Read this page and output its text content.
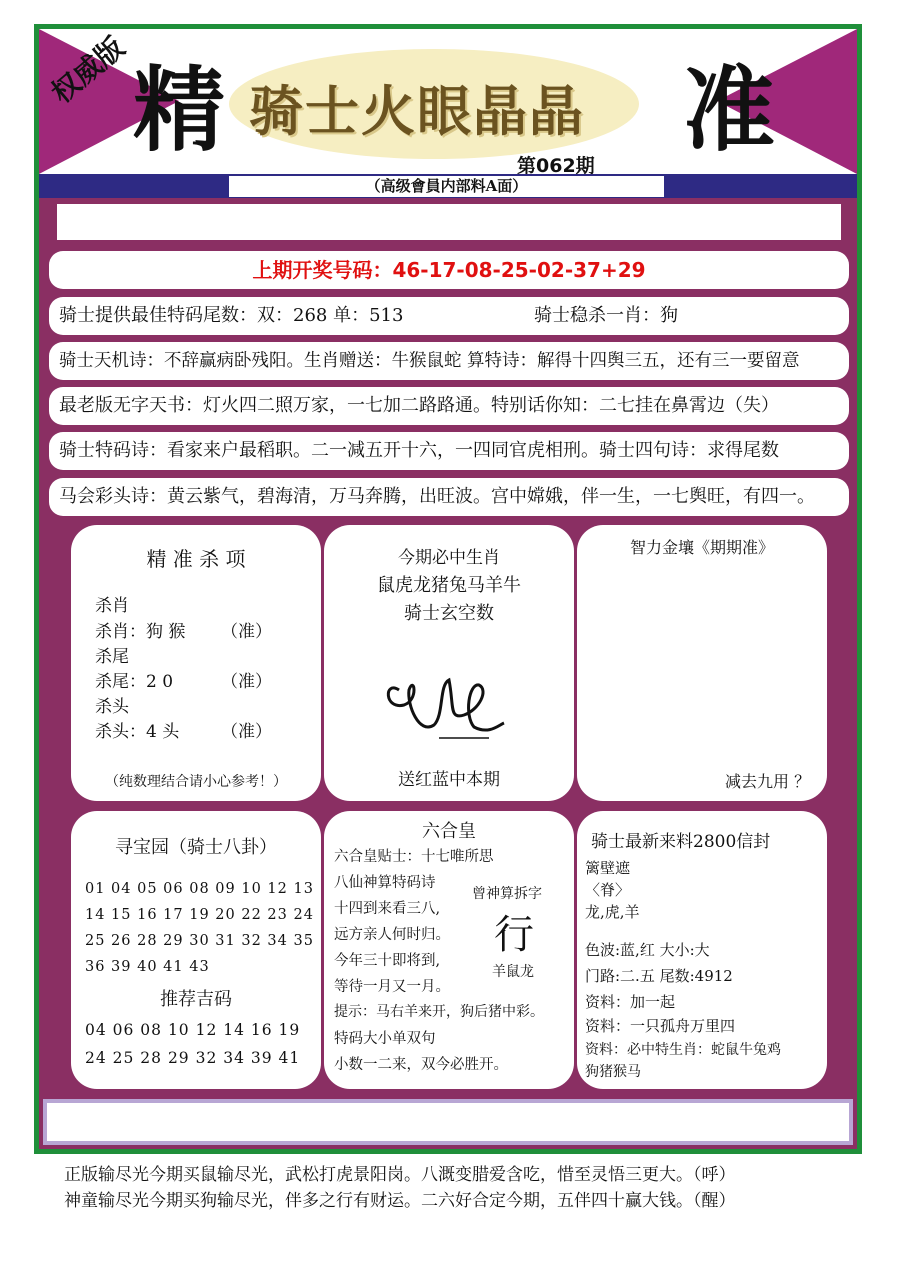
权威版 精 骑士火眼晶晶 准
第062期
（高级會員内部料A面）
上期开奖号码：46-17-08-25-02-37+29
骑士提供最佳特码尾数：双：268 单：513	骑士稳杀一肖：狗
骑士天机诗：不辞赢病卧残阳。生肖赠送：牛猴鼠蛇 算特诗：解得十四舆三五，还有三一要留意
最老版无字天书：灯火四二照万家，一七加二路路通。特别话你知：二七挂在鼻霄边（失）
骑士特码诗：看家来户最稻职。二一减五开十六，一四同官虎相刑。骑士四句诗：求得尾数
马会彩头诗：黄云紫气，碧海清，万马奔腾，出旺波。宫中嫦娥，伴一生，一七舆旺，有四一。
精 准 杀 项
杀肖
杀肖：狗 猴 （准）
杀尾
杀尾：2 0	（准）
杀头
杀头：4 头 （准）
（纯数理结合请小心参考！）
今期必中生肖
鼠虎龙猪兔马羊牛
骑士玄空数
送红蓝中本期
智力金壤《期期准》
减去九用 ？
寻宝园（骑士八卦）
01 04 05 06 08 09 10 12 13
14 15 16 17 19 20 22 23 24
25 26 28 29 30 31 32 34 35
36 39 40 41 43
推荐吉码
04 06 08 10 12 14 16 19
24 25 28 29 32 34 39 41
六合皇
六合皇贴士：十七唯所思
八仙神算特码诗
十四到来看三八,
远方亲人何时归。
今年三十即将到,
等待一月又一月。
提示：马右羊来开，狗后猪中彩。
特码大小单双句
小数一二来，双今必胜开。
曾神算拆字
行
羊鼠龙
骑士最新来料2800信封
篱壁遮
〈脊〉
龙,虎,羊
色波:蓝,红 大小:大
门路:二.五 尾数:4912
资料：加一起
资料：一只孤舟万里四
资料：必中特生肖：蛇鼠牛兔鸡
狗猪猴马
正版输尽光今期买鼠输尽光，武松打虎景阳岗。八溉变腊爱含吃，惜至灵悟三更大。（呼）
神童输尽光今期买狗输尽光，伴多之行有财运。二六好合定今期，五伴四十赢大钱。（醒）
